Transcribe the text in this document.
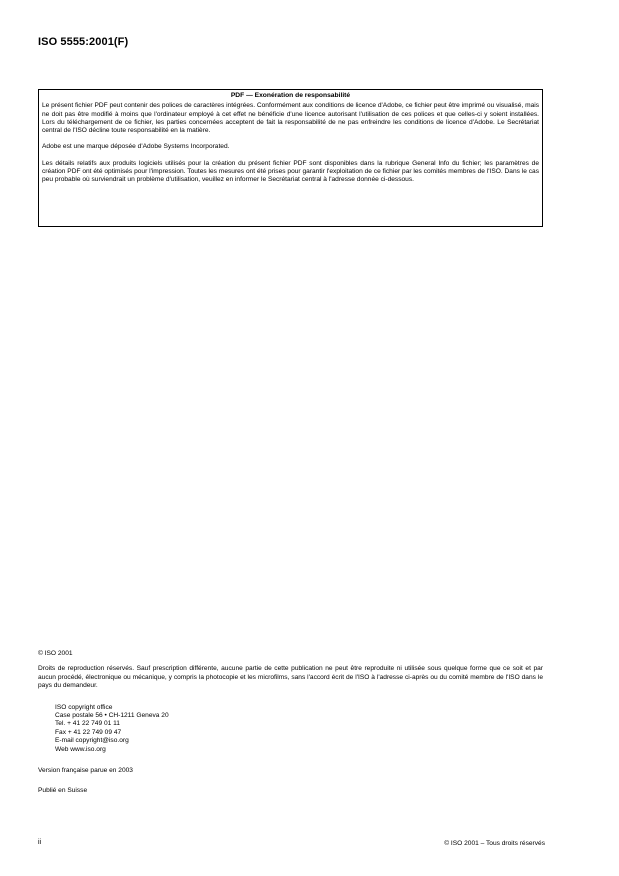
ISO 5555:2001(F)
PDF — Exonération de responsabilité

Le présent fichier PDF peut contenir des polices de caractères intégrées. Conformément aux conditions de licence d'Adobe, ce fichier peut être imprimé ou visualisé, mais ne doit pas être modifié à moins que l'ordinateur employé à cet effet ne bénéficie d'une licence autorisant l'utilisation de ces polices et que celles-ci y soient installées. Lors du téléchargement de ce fichier, les parties concernées acceptent de fait la responsabilité de ne pas enfreindre les conditions de licence d'Adobe. Le Secrétariat central de l'ISO décline toute responsabilité en la matière.

Adobe est une marque déposée d'Adobe Systems Incorporated.

Les détails relatifs aux produits logiciels utilisés pour la création du présent fichier PDF sont disponibles dans la rubrique General Info du fichier; les paramètres de création PDF ont été optimisés pour l'impression. Toutes les mesures ont été prises pour garantir l'exploitation de ce fichier par les comités membres de l'ISO. Dans le cas peu probable où surviendrait un problème d'utilisation, veuillez en informer le Secrétariat central à l'adresse donnée ci-dessous.

© ISO 2001
Droits de reproduction réservés. Sauf prescription différente, aucune partie de cette publication ne peut être reproduite ni utilisée sous quelque forme que ce soit et par aucun procédé, électronique ou mécanique, y compris la photocopie et les microfilms, sans l'accord écrit de l'ISO à l'adresse ci-après ou du comité membre de l'ISO dans le pays du demandeur.
ISO copyright office
Case postale 56 • CH-1211 Geneva 20
Tel. + 41 22 749 01 11
Fax + 41 22 749 09 47
E-mail copyright@iso.org
Web www.iso.org
Version française parue en 2003
Publié en Suisse
ii	© ISO 2001 – Tous droits réservés
